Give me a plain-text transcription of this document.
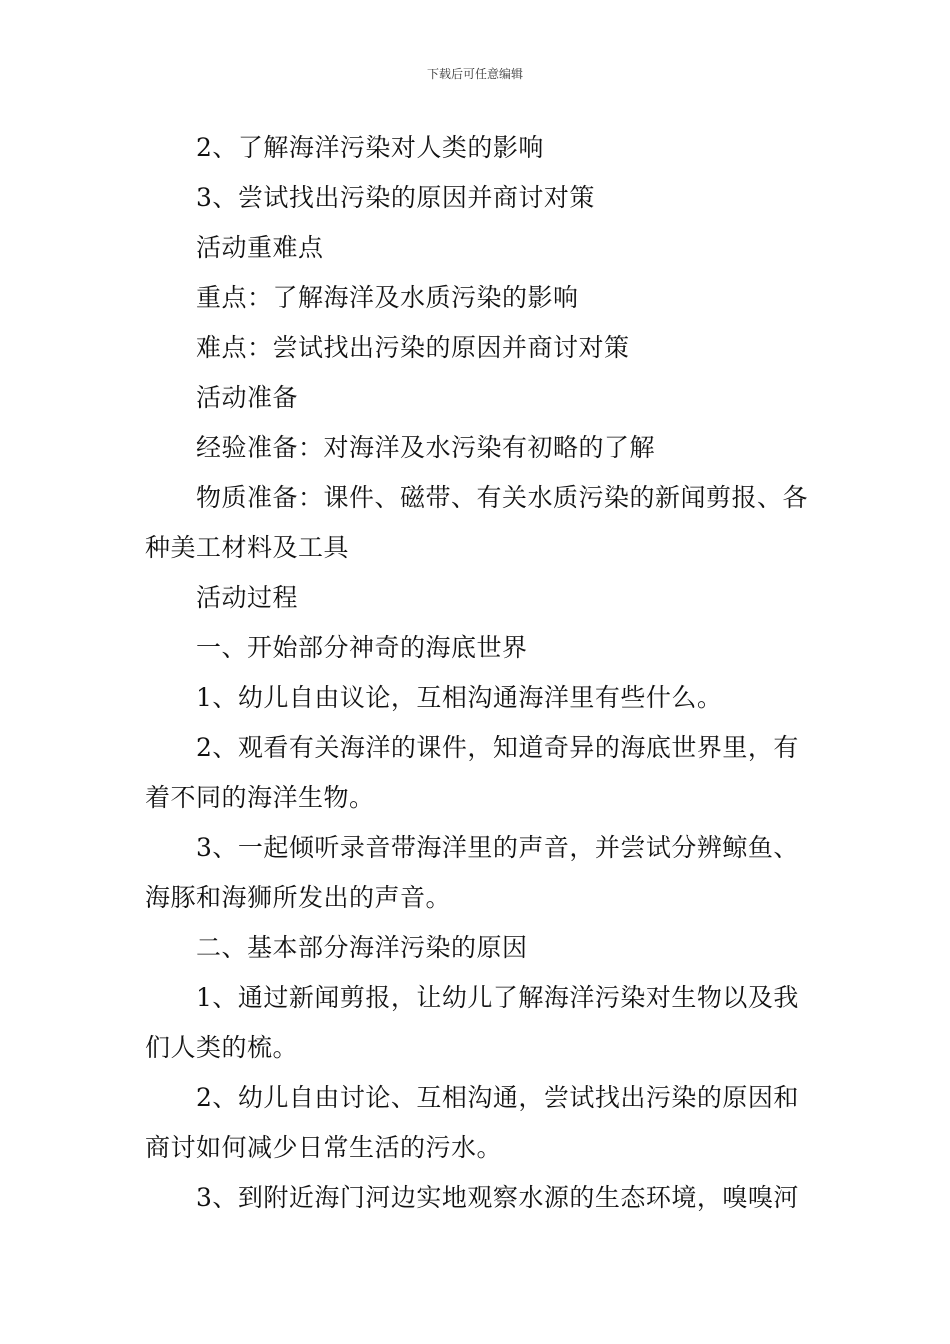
下载后可任意编辑

2、了解海洋污染对人类的影响

3、尝试找出污染的原因并商讨对策

活动重难点

重点：了解海洋及水质污染的影响

难点：尝试找出污染的原因并商讨对策

活动准备

经验准备：对海洋及水污染有初略的了解

物质准备：课件、磁带、有关水质污染的新闻剪报、各种美工材料及工具

活动过程

一、开始部分神奇的海底世界

1、幼儿自由议论，互相沟通海洋里有些什么。

2、观看有关海洋的课件，知道奇异的海底世界里，有着不同的海洋生物。

3、一起倾听录音带海洋里的声音，并尝试分辨鲸鱼、海豚和海狮所发出的声音。

二、基本部分海洋污染的原因

1、通过新闻剪报，让幼儿了解海洋污染对生物以及我们人类的梳。

2、幼儿自由讨论、互相沟通，尝试找出污染的原因和商讨如何减少日常生活的污水。

3、到附近海门河边实地观察水源的生态环境，嗅嗅河
